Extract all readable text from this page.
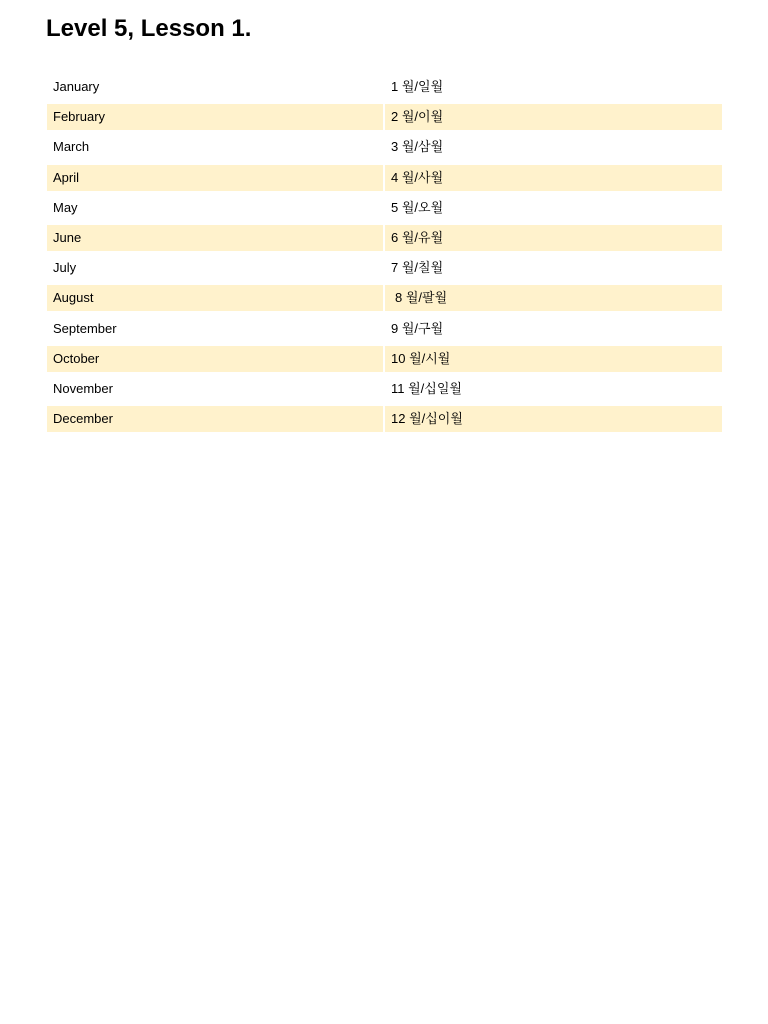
Level 5, Lesson 1.
January	1 월/일월
February	2 월/이월
March	3 월/삼월
April	4 월/사월
May	5 월/오월
June	6 월/유월
July	7 월/칠월
August	8 월/팔월
September	9 월/구월
October	10 월/시월
November	11 월/십일월
December	12 월/십이월
